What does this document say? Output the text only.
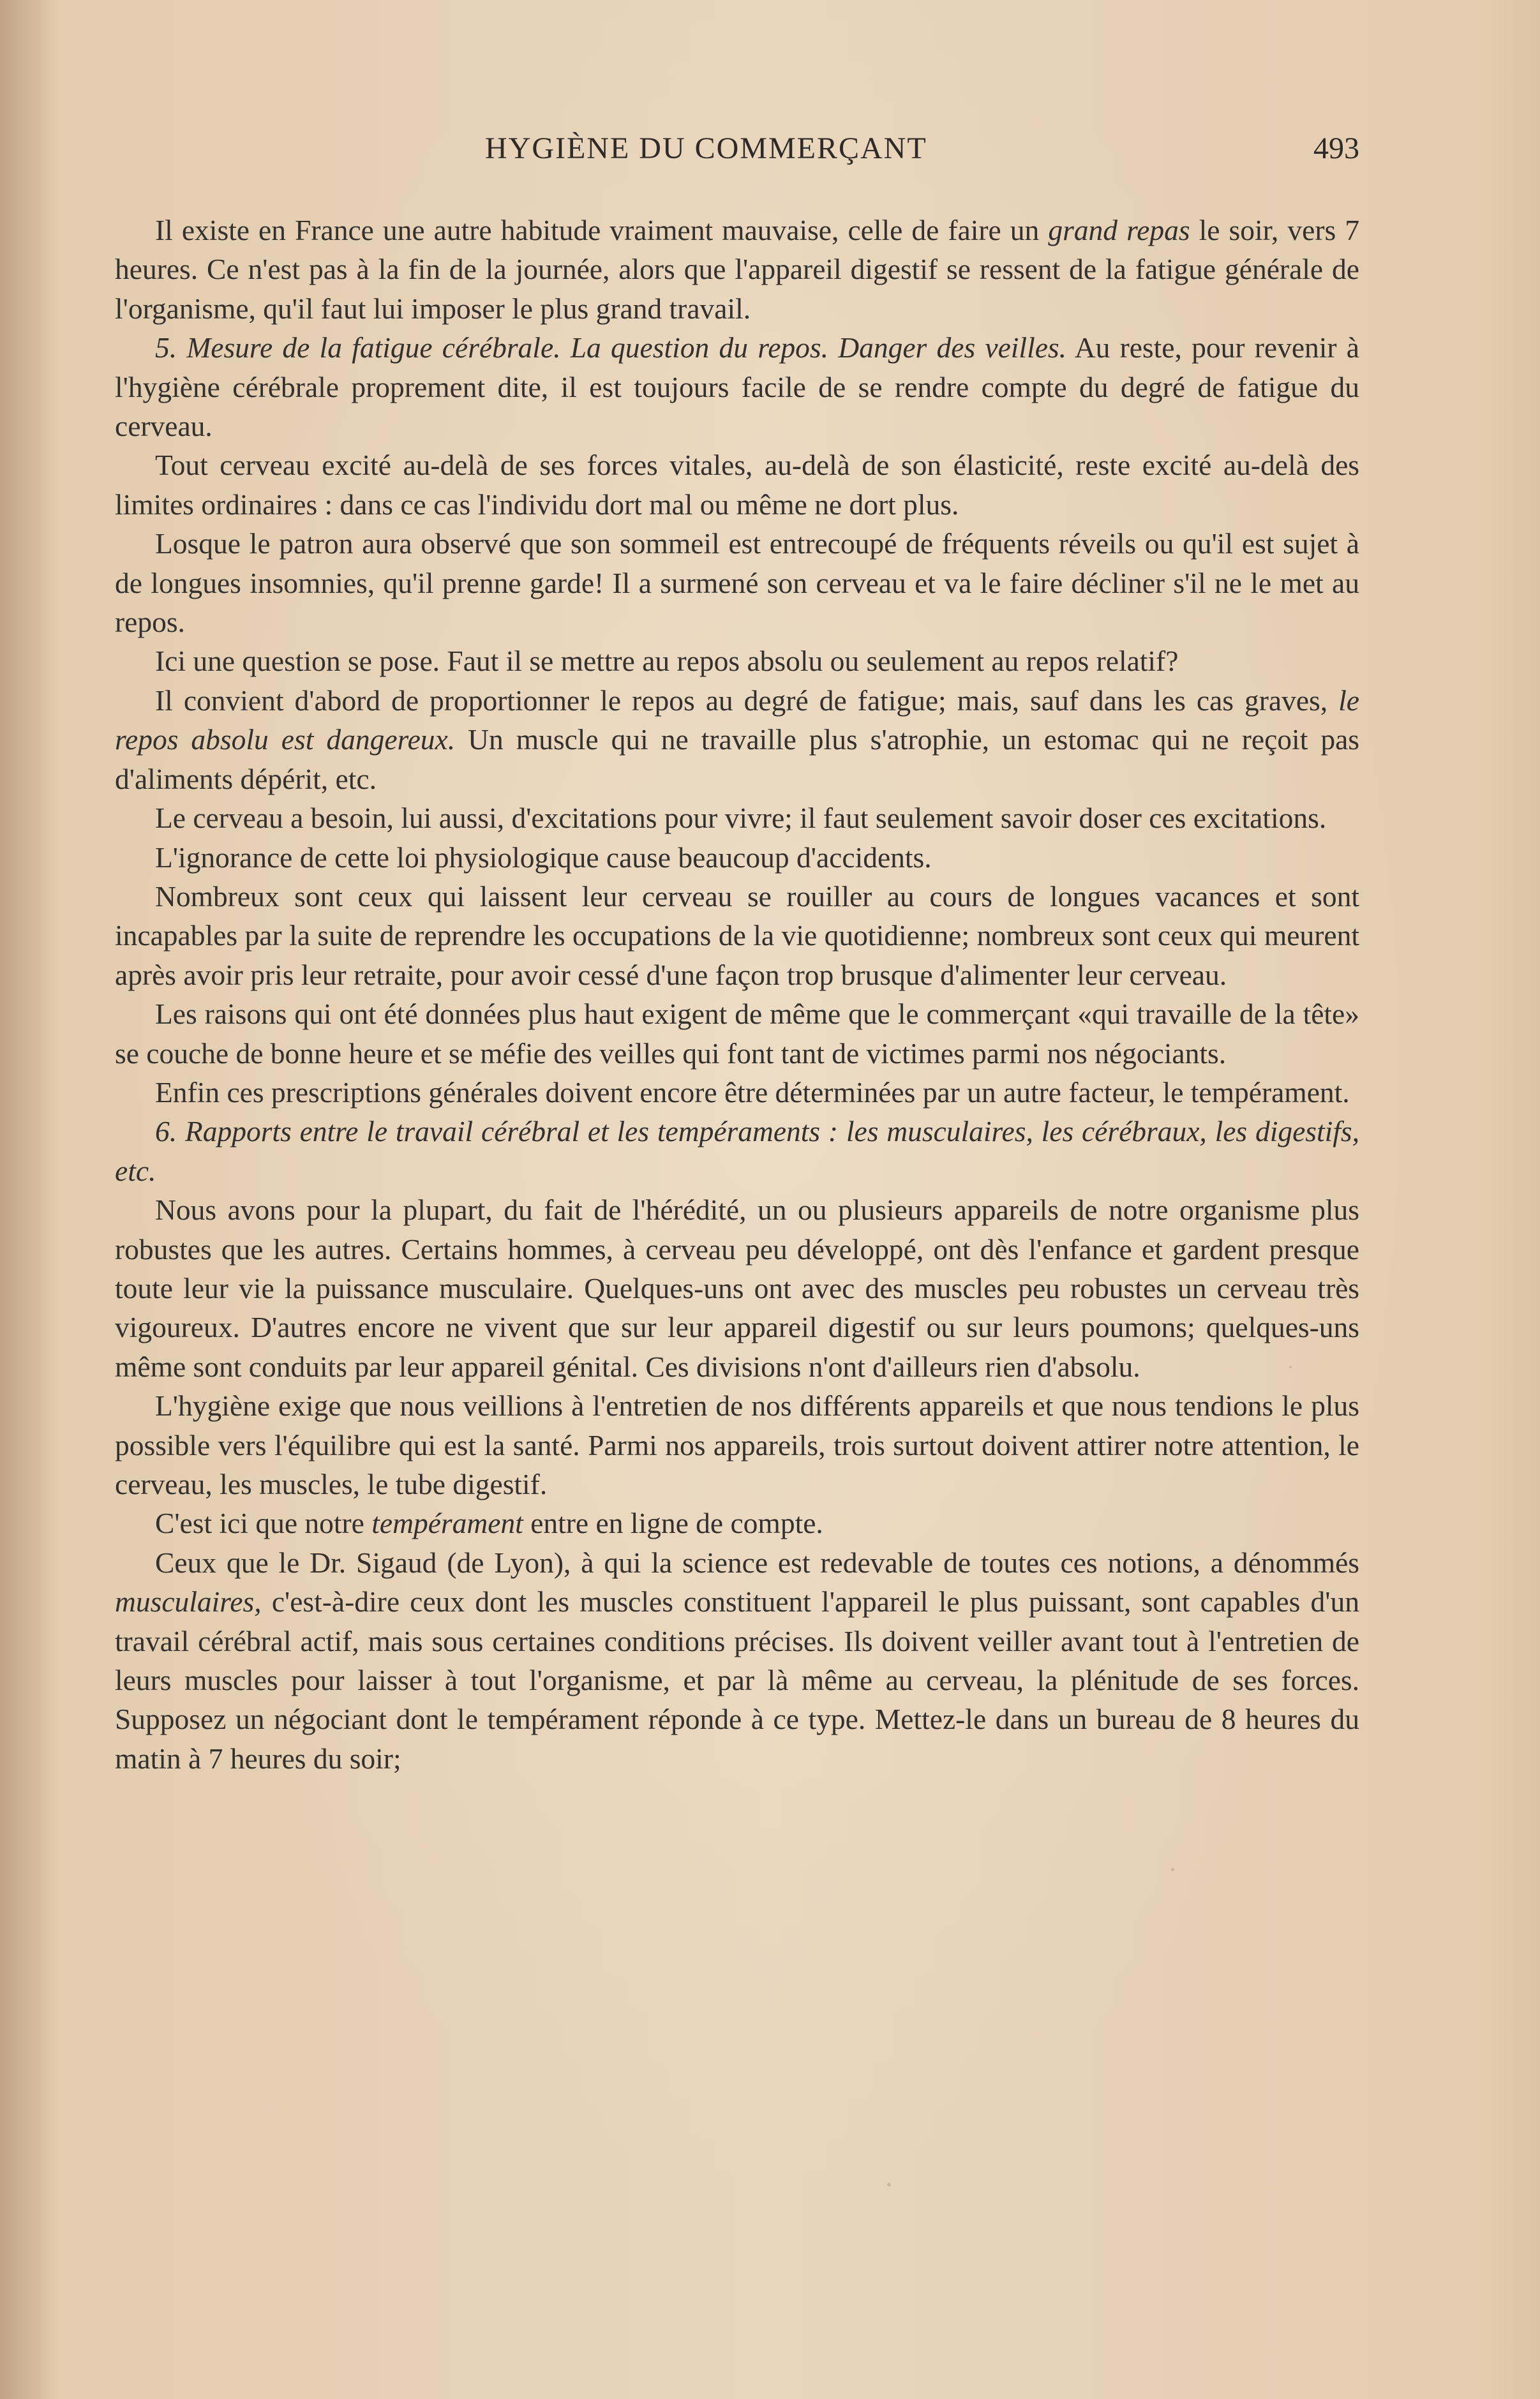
HYGIÈNE DU COMMERÇANT	493

Il existe en France une autre habitude vraiment mauvaise, celle de faire un grand repas le soir, vers 7 heures. Ce n'est pas à la fin de la journée, alors que l'appareil digestif se ressent de la fatigue générale de l'organisme, qu'il faut lui imposer le plus grand travail.

5. Mesure de la fatigue cérébrale. La question du repos. Danger des veilles. Au reste, pour revenir à l'hygiène cérébrale proprement dite, il est toujours facile de se rendre compte du degré de fatigue du cerveau.

Tout cerveau excité au-delà de ses forces vitales, au-delà de son élasticité, reste excité au-delà des limites ordinaires : dans ce cas l'individu dort mal ou même ne dort plus.

Losque le patron aura observé que son sommeil est entrecoupé de fréquents réveils ou qu'il est sujet à de longues insomnies, qu'il prenne garde! Il a surmené son cerveau et va le faire décliner s'il ne le met au repos.

Ici une question se pose. Faut il se mettre au repos absolu ou seulement au repos relatif?

Il convient d'abord de proportionner le repos au degré de fatigue; mais, sauf dans les cas graves, le repos absolu est dangereux. Un muscle qui ne travaille plus s'atrophie, un estomac qui ne reçoit pas d'aliments dépérit, etc.

Le cerveau a besoin, lui aussi, d'excitations pour vivre; il faut seulement savoir doser ces excitations.

L'ignorance de cette loi physiologique cause beaucoup d'accidents.

Nombreux sont ceux qui laissent leur cerveau se rouiller au cours de longues vacances et sont incapables par la suite de reprendre les occupations de la vie quotidienne; nombreux sont ceux qui meurent après avoir pris leur retraite, pour avoir cessé d'une façon trop brusque d'alimenter leur cerveau.

Les raisons qui ont été données plus haut exigent de même que le commerçant «qui travaille de la tête» se couche de bonne heure et se méfie des veilles qui font tant de victimes parmi nos négociants.

Enfin ces prescriptions générales doivent encore être déterminées par un autre facteur, le tempérament.

6. Rapports entre le travail cérébral et les tempéraments : les musculaires, les cérébraux, les digestifs, etc.

Nous avons pour la plupart, du fait de l'hérédité, un ou plusieurs appareils de notre organisme plus robustes que les autres. Certains hommes, à cerveau peu développé, ont dès l'enfance et gardent presque toute leur vie la puissance musculaire. Quelques-uns ont avec des muscles peu robustes un cerveau très vigoureux. D'autres encore ne vivent que sur leur appareil digestif ou sur leurs poumons; quelques-uns même sont conduits par leur appareil génital. Ces divisions n'ont d'ailleurs rien d'absolu.

L'hygiène exige que nous veillions à l'entretien de nos différents appareils et que nous tendions le plus possible vers l'équilibre qui est la santé. Parmi nos appareils, trois surtout doivent attirer notre attention, le cerveau, les muscles, le tube digestif.

C'est ici que notre tempérament entre en ligne de compte.

Ceux que le Dr. Sigaud (de Lyon), à qui la science est redevable de toutes ces notions, a dénommés musculaires, c'est-à-dire ceux dont les muscles constituent l'appareil le plus puissant, sont capables d'un travail cérébral actif, mais sous certaines conditions précises. Ils doivent veiller avant tout à l'entretien de leurs muscles pour laisser à tout l'organisme, et par là même au cerveau, la plénitude de ses forces. Supposez un négociant dont le tempérament réponde à ce type. Mettez-le dans un bureau de 8 heures du matin à 7 heures du soir;
